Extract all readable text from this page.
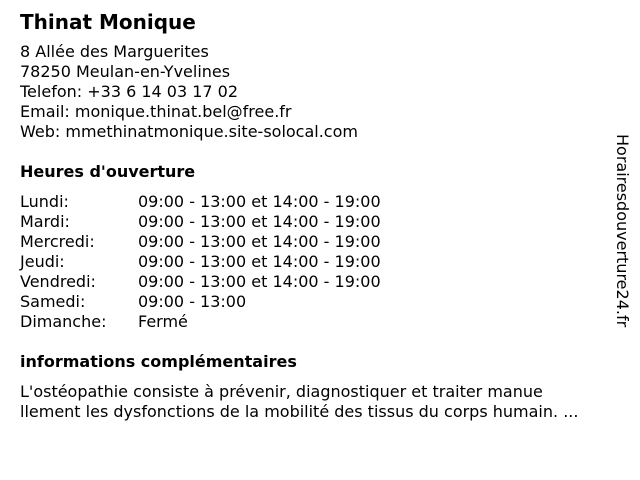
Thinat Monique
8 Allée des Marguerites
78250 Meulan-en-Yvelines
Telefon: +33 6 14 03 17 02
Email: monique.thinat.bel@free.fr
Web: mmethinatmonique.site-solocal.com
Heures d'ouverture
Lundi:	09:00 - 13:00 et 14:00 - 19:00
Mardi:	09:00 - 13:00 et 14:00 - 19:00
Mercredi:	09:00 - 13:00 et 14:00 - 19:00
Jeudi:	09:00 - 13:00 et 14:00 - 19:00
Vendredi:	09:00 - 13:00 et 14:00 - 19:00
Samedi:	09:00 - 13:00
Dimanche:	Fermé
informations complémentaires
L'ostéopathie consiste à prévenir, diagnostiquer et traiter manue
llement les dysfonctions de la mobilité des tissus du corps humain. ...
Horairesdouverture24.fr
